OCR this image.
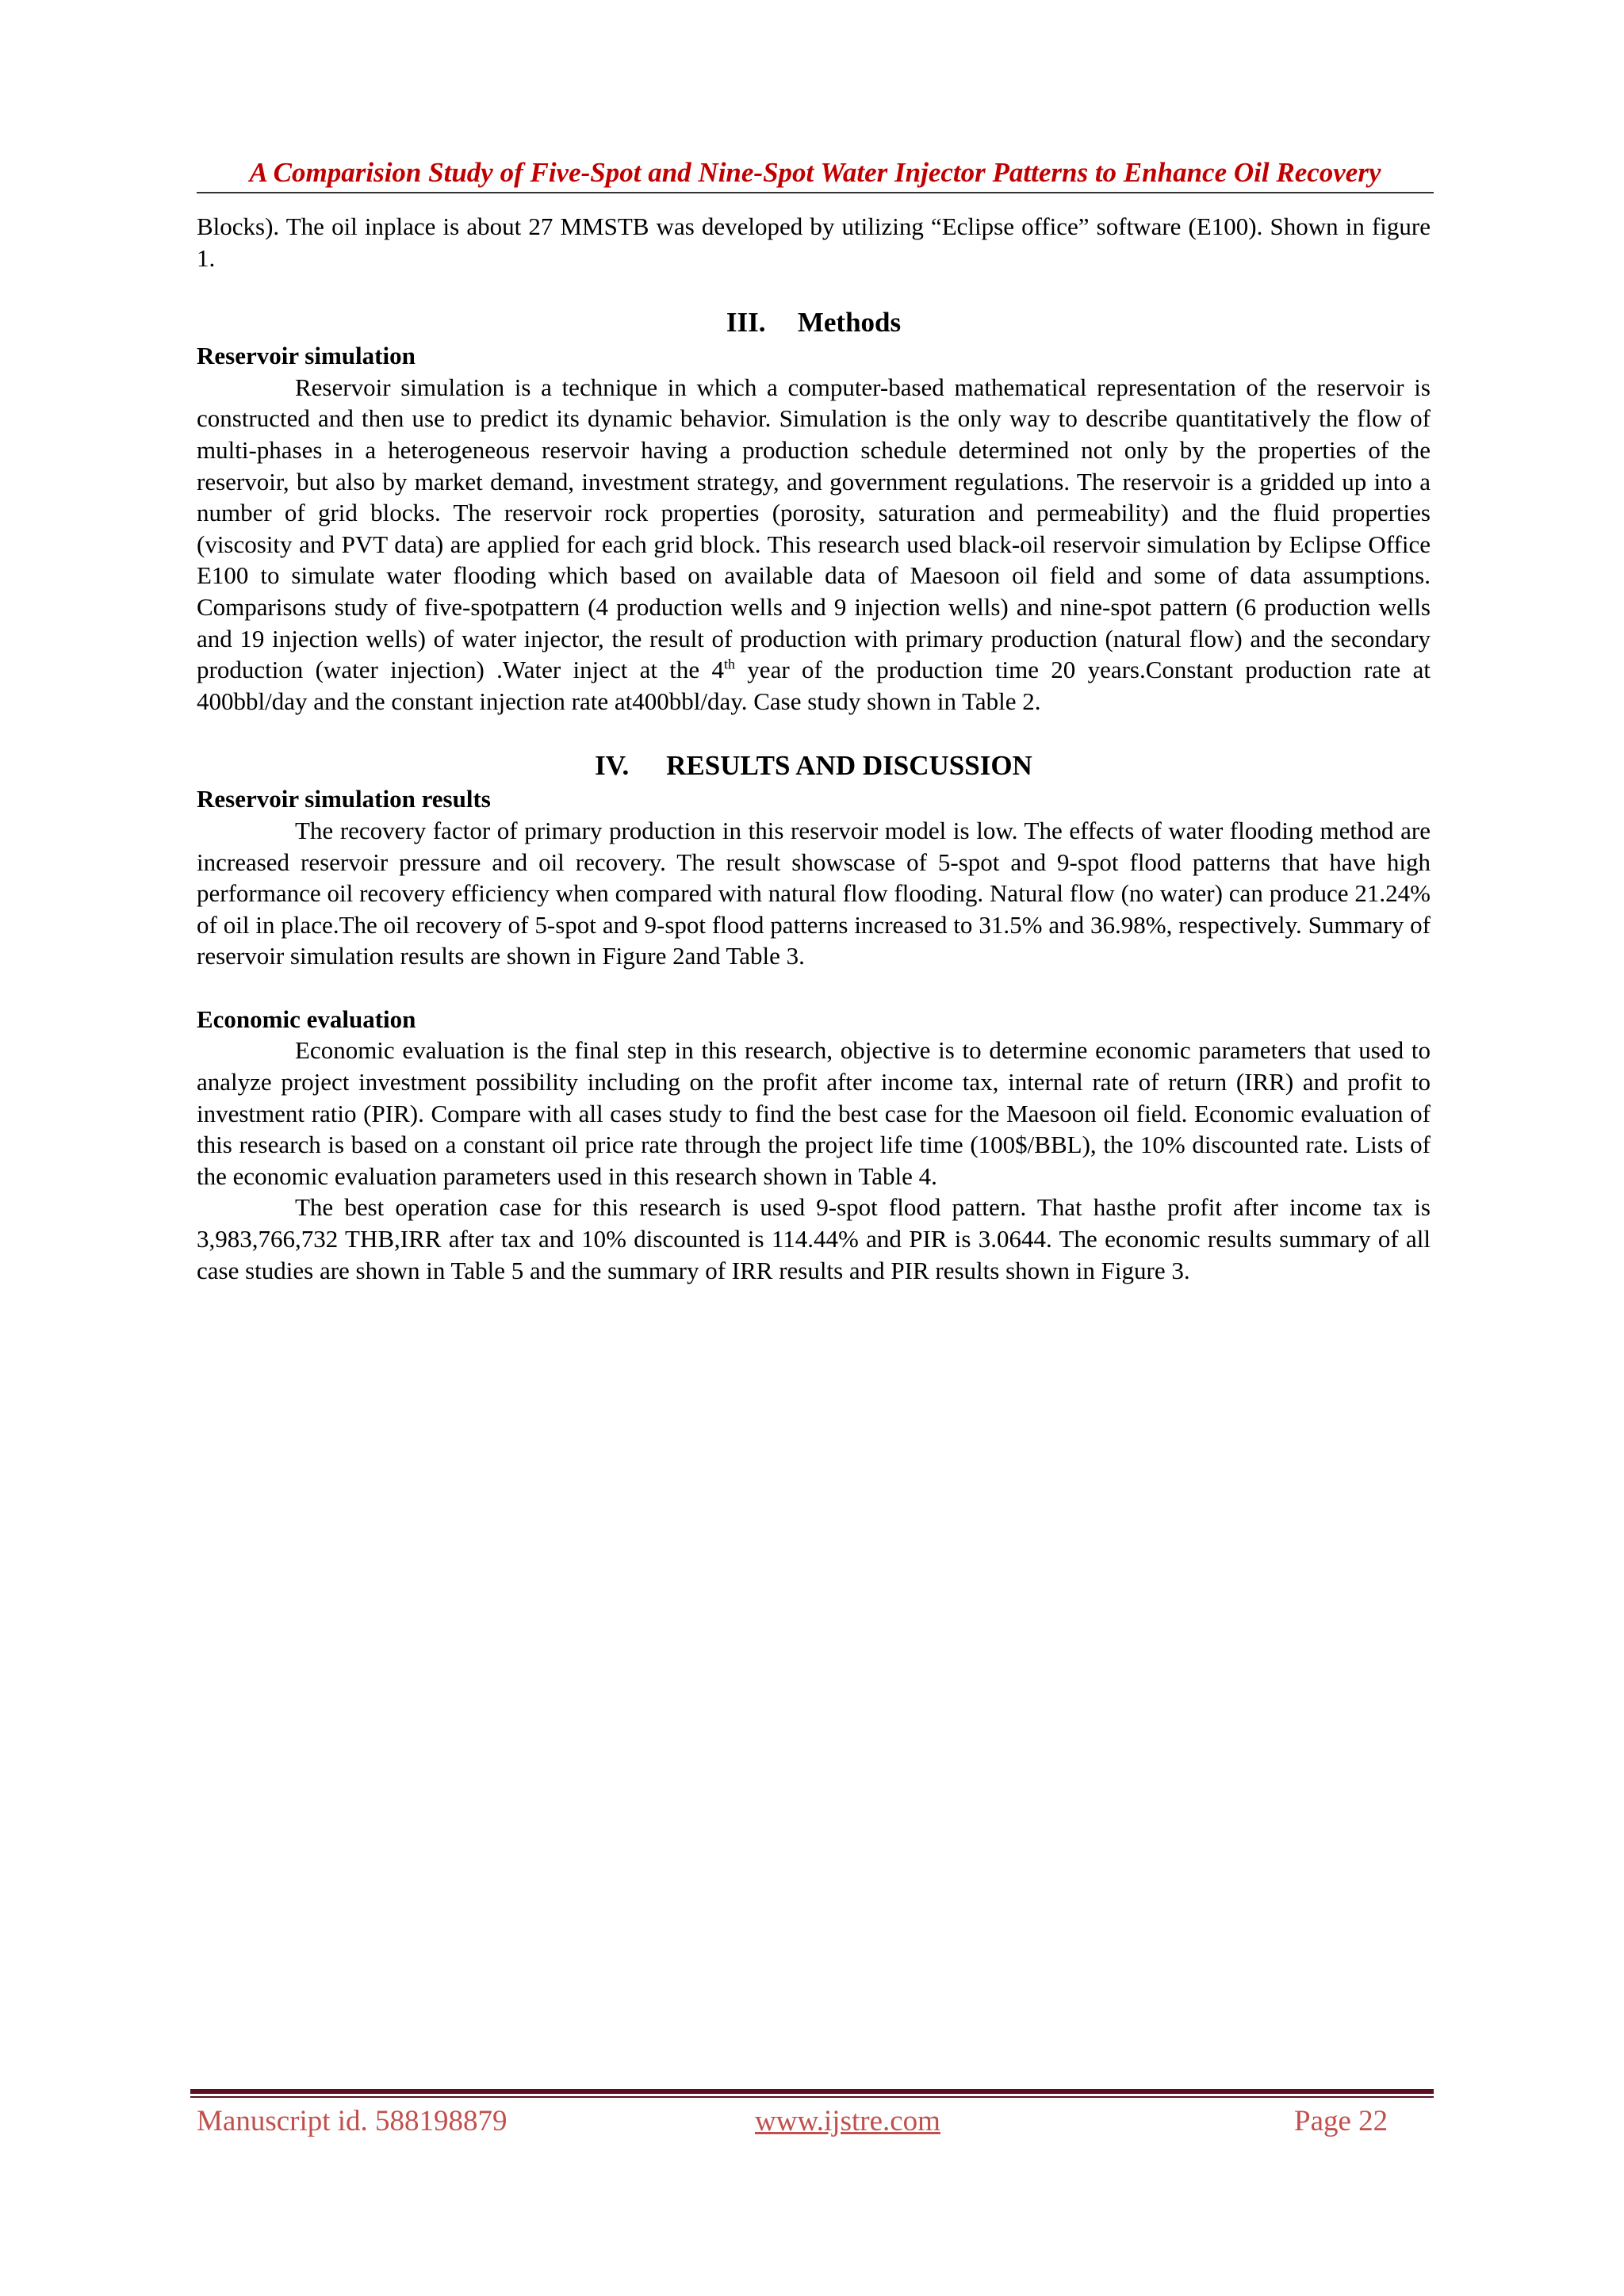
A Comparision Study of Five-Spot and Nine-Spot Water Injector Patterns to Enhance Oil Recovery

Blocks). The oil inplace is about 27 MMSTB was developed by utilizing “Eclipse office” software (E100). Shown in figure 1.

III. Methods

Reservoir simulation

Reservoir simulation is a technique in which a computer-based mathematical representation of the reservoir is constructed and then use to predict its dynamic behavior. Simulation is the only way to describe quantitatively the flow of multi-phases in a heterogeneous reservoir having a production schedule determined not only by the properties of the reservoir, but also by market demand, investment strategy, and government regulations. The reservoir is a gridded up into a number of grid blocks. The reservoir rock properties (porosity, saturation and permeability) and the fluid properties (viscosity and PVT data) are applied for each grid block. This research used black-oil reservoir simulation by Eclipse Office E100 to simulate water flooding which based on available data of Maesoon oil field and some of data assumptions. Comparisons study of five-spotpattern (4 production wells and 9 injection wells) and nine-spot pattern (6 production wells and 19 injection wells) of water injector, the result of production with primary production (natural flow) and the secondary production (water injection) .Water inject at the 4th year of the production time 20 years.Constant production rate at 400bbl/day and the constant injection rate at400bbl/day. Case study shown in Table 2.

IV. RESULTS AND DISCUSSION

Reservoir simulation results

The recovery factor of primary production in this reservoir model is low. The effects of water flooding method are increased reservoir pressure and oil recovery. The result showscase of 5-spot and 9-spot flood patterns that have high performance oil recovery efficiency when compared with natural flow flooding. Natural flow (no water) can produce 21.24% of oil in place.The oil recovery of 5-spot and 9-spot flood patterns increased to 31.5% and 36.98%, respectively. Summary of reservoir simulation results are shown in Figure 2and Table 3.

Economic evaluation

Economic evaluation is the final step in this research, objective is to determine economic parameters that used to analyze project investment possibility including on the profit after income tax, internal rate of return (IRR) and profit to investment ratio (PIR). Compare with all cases study to find the best case for the Maesoon oil field. Economic evaluation of this research is based on a constant oil price rate through the project life time (100$/BBL), the 10% discounted rate. Lists of the economic evaluation parameters used in this research shown in Table 4.

The best operation case for this research is used 9-spot flood pattern. That hasthe profit after income tax is 3,983,766,732 THB,IRR after tax and 10% discounted is 114.44% and PIR is 3.0644. The economic results summary of all case studies are shown in Table 5 and the summary of IRR results and PIR results shown in Figure 3.

Manuscript id. 588198879	www.ijstre.com	Page 22
